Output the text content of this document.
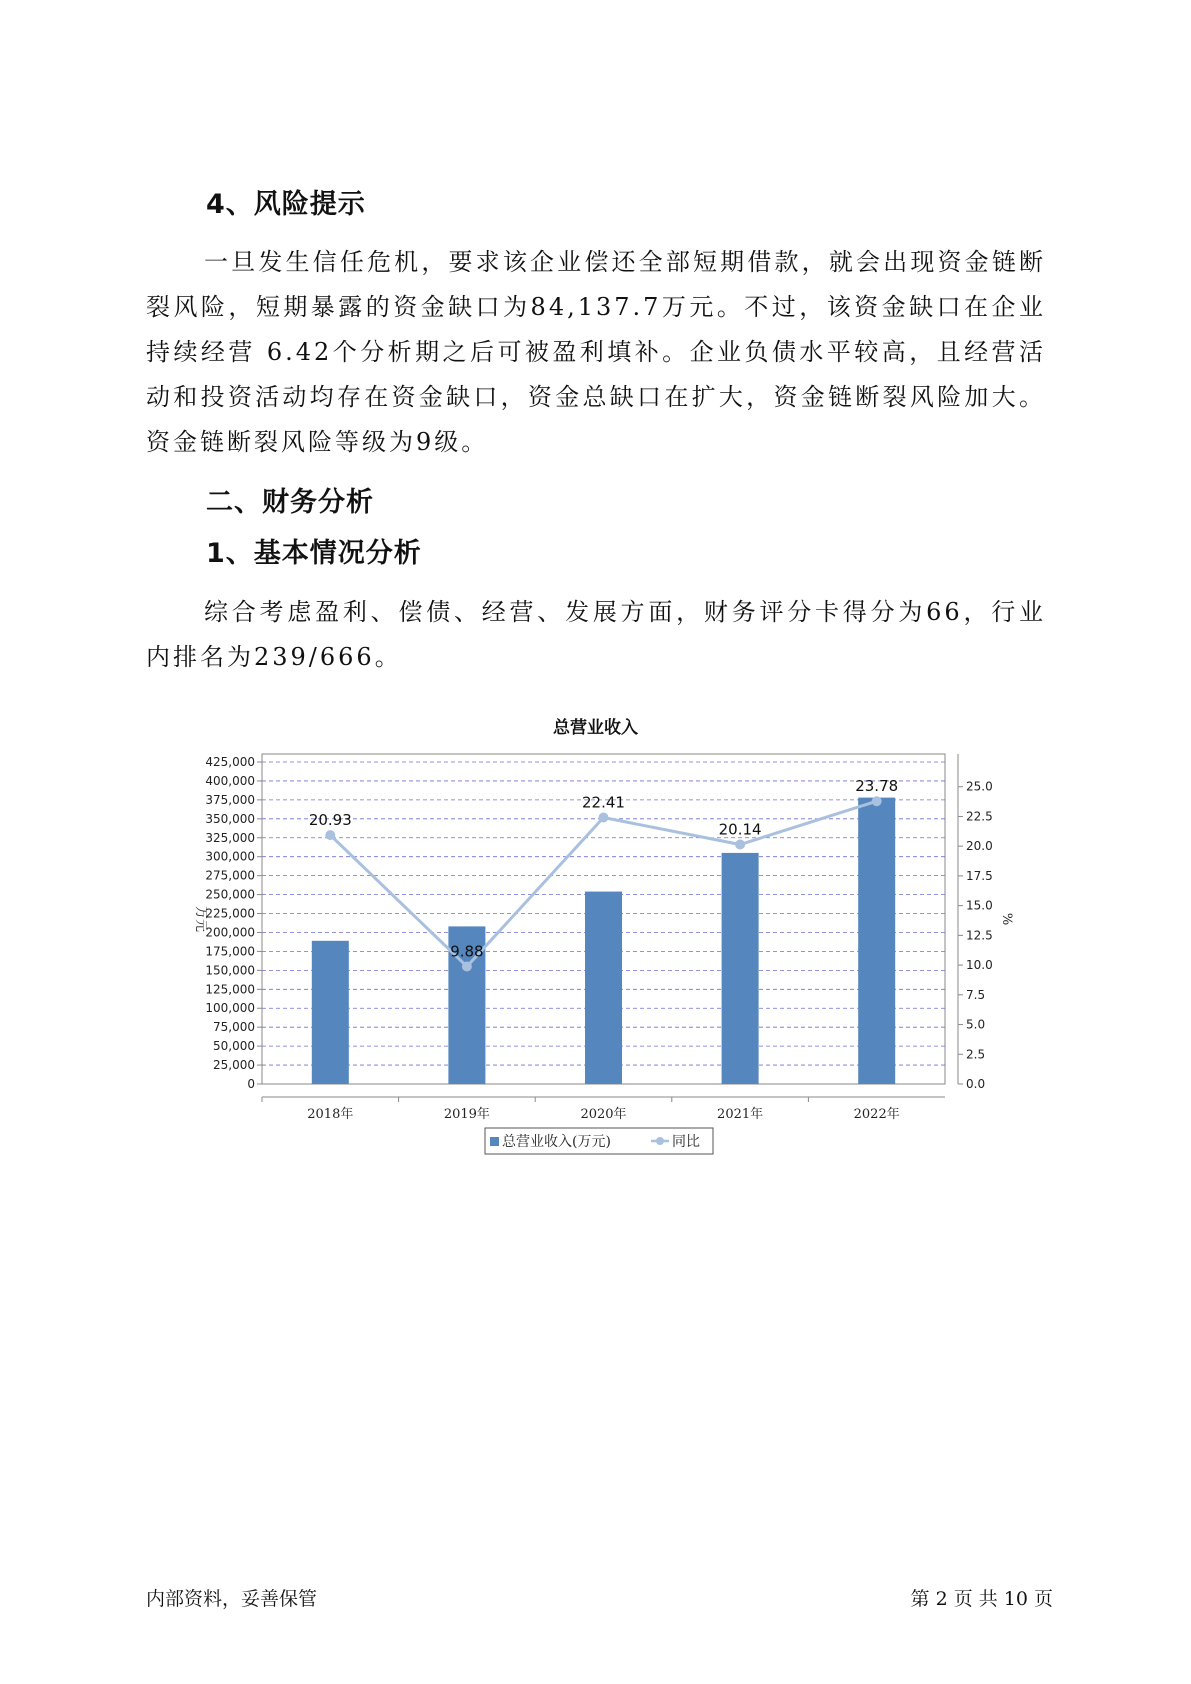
4、风险提示

一旦发生信任危机，要求该企业偿还全部短期借款，就会出现资金链断裂风险，短期暴露的资金缺口为84,137.7万元。不过，该资金缺口在企业持续经营 6.42个分析期之后可被盈利填补。企业负债水平较高，且经营活动和投资活动均存在资金缺口，资金总缺口在扩大，资金链断裂风险加大。资金链断裂风险等级为9级。

二、财务分析
1、基本情况分析

综合考虑盈利、偿债、经营、发展方面，财务评分卡得分为66，行业内排名为239/666。

总营业收入
0
25,000
50,000
75,000
100,000
125,000
150,000
175,000
200,000
225,000
250,000
275,000
300,000
325,000
350,000
375,000
400,000
425,000
0.0
2.5
5.0
7.5
10.0
12.5
15.0
17.5
20.0
22.5
25.0
2018年	2019年	2020年	2021年	2022年
20.93
9.88
22.41
20.14
23.78
万元	%
总营业收入(万元)	同比
内部资料，妥善保管	第 2 页 共 10 页
